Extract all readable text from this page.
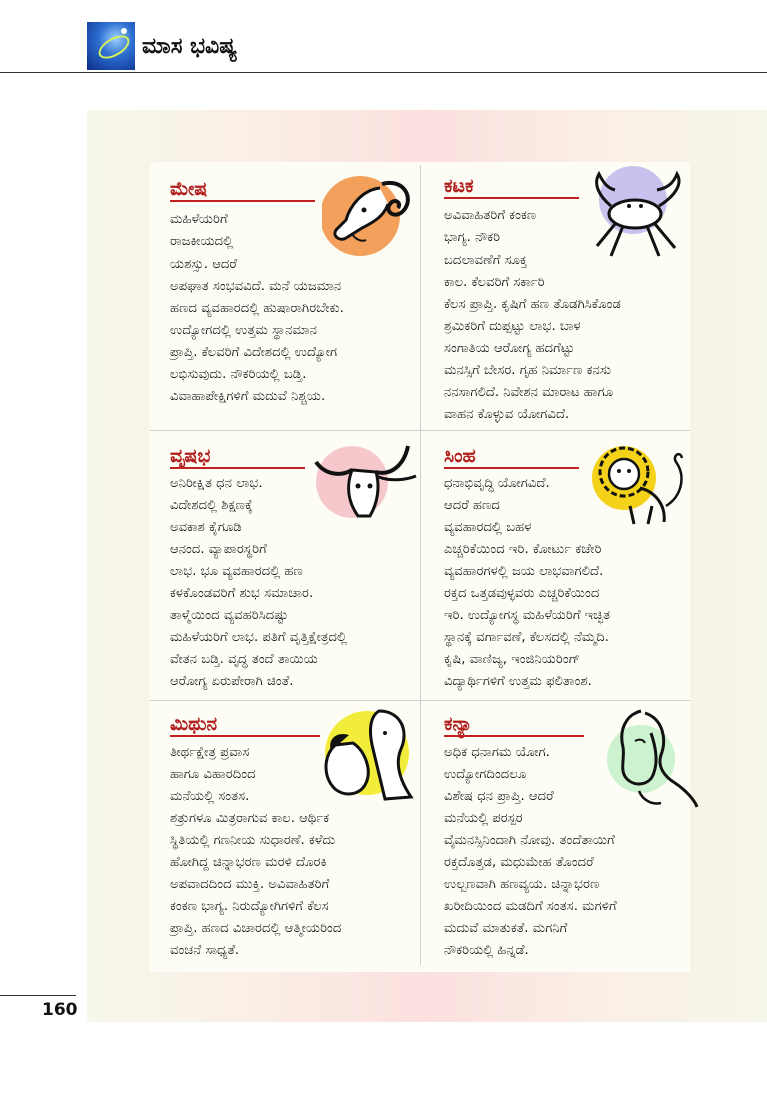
ಮಾಸ ಭವಿಷ್ಯ
ಮೇಷ
ಮಹಿಳೆಯರಿಗೆ
ರಾಜಕೀಯದಲ್ಲಿ
ಯಶಸ್ಸು. ಆದರೆ
ಅಪಘಾತ ಸಂಭವವಿದೆ. ಮನೆ ಯಜಮಾನ
ಹಣದ ವ್ಯವಹಾರದಲ್ಲಿ ಹುಷಾರಾಗಿರಬೇಕು.
ಉದ್ಯೋಗದಲ್ಲಿ ಉತ್ತಮ ಸ್ಥಾನಮಾನ
ಪ್ರಾಪ್ತಿ. ಕೆಲವರಿಗೆ ವಿದೇಶದಲ್ಲಿ ಉದ್ಯೋಗ
ಲಭಿಸುವುದು. ನೌಕರಿಯಲ್ಲಿ ಬಡ್ತಿ.
ವಿವಾಹಾಪೇಕ್ಷಿಗಳಿಗೆ ಮದುವೆ ನಿಶ್ಚಯ.
ಕಟಕ
ಅವಿವಾಹಿತರಿಗೆ ಕಂಕಣ
ಭಾಗ್ಯ. ನೌಕರಿ
ಬದಲಾವಣೆಗೆ ಸೂಕ್ತ
ಕಾಲ. ಕೆಲವರಿಗೆ ಸರ್ಕಾರಿ
ಕೆಲಸ ಪ್ರಾಪ್ತಿ. ಕೃಷಿಗೆ ಹಣ ತೊಡಗಿಸಿಕೊಂಡ
ಶ್ರಮಿಕರಿಗೆ ದುಪ್ಪಟ್ಟು ಲಾಭ. ಬಾಳ
ಸಂಗಾತಿಯ ಆರೋಗ್ಯ ಹದಗೆಟ್ಟು
ಮನಸ್ಸಿಗೆ ಬೇಸರ. ಗೃಹ ನಿರ್ಮಾಣ ಕನಸು
ನನಸಾಗಲಿದೆ. ನಿವೇಶನ ಮಾರಾಟ ಹಾಗೂ
ವಾಹನ ಕೊಳ್ಳುವ ಯೋಗವಿದೆ.
ವೃಷಭ
ಅನಿರೀಕ್ಷಿತ ಧನ ಲಾಭ.
ವಿದೇಶದಲ್ಲಿ ಶಿಕ್ಷಣಕ್ಕೆ
ಅವಕಾಶ ಕೈಗೂಡಿ
ಆನಂದ. ವ್ಯಾಪಾರಸ್ಥರಿಗೆ
ಲಾಭ. ಭೂ ವ್ಯವಹಾರದಲ್ಲಿ ಹಣ
ಕಳಕೊಂಡವರಿಗೆ ಶುಭ ಸಮಾಚಾರ.
ತಾಳ್ಮೆಯಿಂದ ವ್ಯವಹರಿಸಿದಷ್ಟು
ಮಹಿಳೆಯರಿಗೆ ಲಾಭ. ಪತಿಗೆ ವೃತ್ತಿಕ್ಷೇತ್ರದಲ್ಲಿ
ವೇತನ ಬಡ್ತಿ. ವೃದ್ಧ ತಂದೆ ತಾಯಿಯ
ಆರೋಗ್ಯ ಏರುಪೇರಾಗಿ ಚಿಂತೆ.
ಸಿಂಹ
ಧನಾಭಿವೃದ್ಧಿ ಯೋಗವಿದೆ.
ಆದರೆ ಹಣದ
ವ್ಯವಹಾರದಲ್ಲಿ ಬಹಳ
ಎಚ್ಚರಿಕೆಯಿಂದ ಇರಿ. ಕೋರ್ಟು ಕಚೇರಿ
ವ್ಯವಹಾರಗಳಲ್ಲಿ ಜಯ ಲಾಭವಾಗಲಿದೆ.
ರಕ್ತದ ಒತ್ತಡವುಳ್ಳವರು ಎಚ್ಚರಿಕೆಯಿಂದ
ಇರಿ. ಉದ್ಯೋಗಸ್ಥ ಮಹಿಳೆಯರಿಗೆ ಇಚ್ಛಿತ
ಸ್ಥಾನಕ್ಕೆ ವರ್ಗಾವಣೆ, ಕೆಲಸದಲ್ಲಿ ನೆಮ್ಮದಿ.
ಕೃಷಿ, ವಾಣಿಜ್ಯ, ಇಂಜಿನಿಯರಿಂಗ್
ವಿದ್ಯಾರ್ಥಿಗಳಿಗೆ ಉತ್ತಮ ಫಲಿತಾಂಶ.
ಮಿಥುನ
ತೀರ್ಥಕ್ಷೇತ್ರ ಪ್ರವಾಸ
ಹಾಗೂ ವಿಹಾರದಿಂದ
ಮನೆಯಲ್ಲಿ ಸಂತಸ.
ಶತ್ರುಗಳೂ ಮಿತ್ರರಾಗುವ ಕಾಲ. ಆರ್ಥಿಕ
ಸ್ಥಿತಿಯಲ್ಲಿ ಗಣನೀಯ ಸುಧಾರಣೆ. ಕಳೆದು
ಹೋಗಿದ್ದ ಚಿನ್ನಾಭರಣ ಮರಳಿ ದೊರಕಿ
ಅಪವಾದದಿಂದ ಮುಕ್ತಿ. ಅವಿವಾಹಿತರಿಗೆ
ಕಂಕಣ ಭಾಗ್ಯ. ನಿರುದ್ಯೋಗಿಗಳಿಗೆ ಕೆಲಸ
ಪ್ರಾಪ್ತಿ. ಹಣದ ವಿಚಾರದಲ್ಲಿ ಆತ್ಮೀಯರಿಂದ
ವಂಚನೆ ಸಾಧ್ಯತೆ.
ಕನ್ಯಾ
ಅಧಿಕ ಧನಾಗಮ ಯೋಗ.
ಉದ್ಯೋಗದಿಂದಲೂ
ವಿಶೇಷ ಧನ ಪ್ರಾಪ್ತಿ. ಆದರೆ
ಮನೆಯಲ್ಲಿ ಪರಸ್ಪರ
ವೈಮನಸ್ಸಿನಿಂದಾಗಿ ನೋವು. ತಂದೆತಾಯಿಗೆ
ರಕ್ತದೊತ್ತಡ, ಮಧುಮೇಹ ತೊಂದರೆ
ಉಲ್ಬಣವಾಗಿ ಹಣವ್ಯಯ. ಚಿನ್ನಾಭರಣ
ಖರೀದಿಯಿಂದ ಮಡದಿಗೆ ಸಂತಸ. ಮಗಳಿಗೆ
ಮದುವೆ ಮಾತುಕತೆ. ಮಗನಿಗೆ
ನೌಕರಿಯಲ್ಲಿ ಹಿನ್ನಡೆ.
160
